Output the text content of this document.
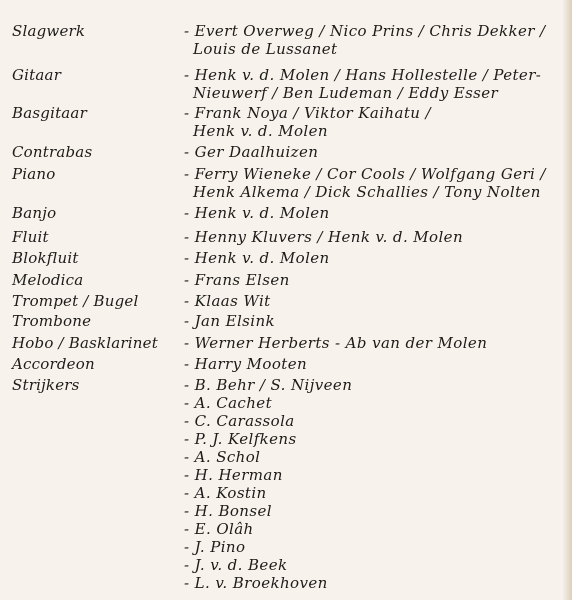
Slagwerk	- Evert Overweg / Nico Prins / Chris Dekker /
Louis de Lussanet
Gitaar	- Henk v. d. Molen / Hans Hollestelle / Peter-
Nieuwerf / Ben Ludeman / Eddy Esser
Basgitaar	- Frank Noya / Viktor Kaihatu /
Henk v. d. Molen
Contrabas	- Ger Daalhuizen
Piano	- Ferry Wieneke / Cor Cools / Wolfgang Geri /
Henk Alkema / Dick Schallies / Tony Nolten
Banjo	- Henk v. d. Molen
Fluit	- Henny Kluvers / Henk v. d. Molen
Blokfluit	- Henk v. d. Molen
Melodica	- Frans Elsen
Trompet / Bugel	- Klaas Wit
Trombone	- Jan Elsink
Hobo / Basklarinet - Werner Herberts - Ab van der Molen
Accordeon	- Harry Mooten
Strijkers	- B. Behr / S. Nijveen
- A. Cachet
- C. Carassola
- P. J. Kelfkens
- A. Schol
- H. Herman
- A. Kostin
- H. Bonsel
- E. Olâh
- J. Pino
- J. v. d. Beek
- L. v. Broekhoven
